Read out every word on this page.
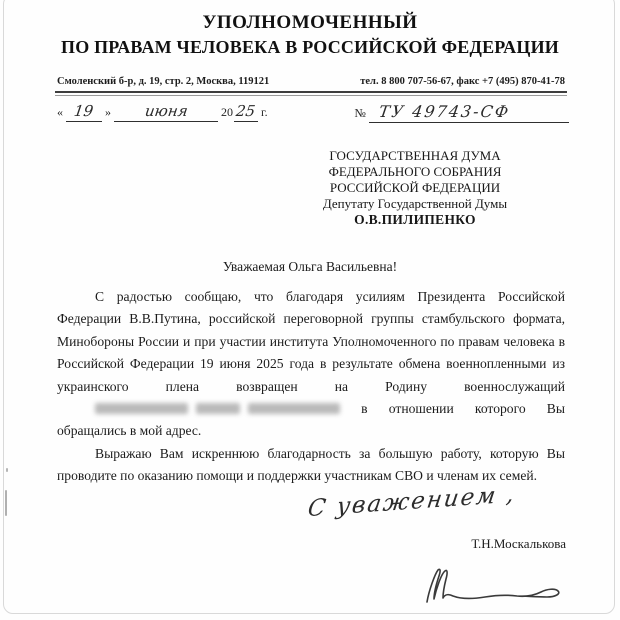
УПОЛНОМОЧЕННЫЙ
ПО ПРАВАМ ЧЕЛОВЕКА В РОССИЙСКОЙ ФЕДЕРАЦИИ
Смоленский б-р, д. 19, стр. 2, Москва, 119121	тел. 8 800 707-56-67, факс +7 (495) 870-41-78
« 19 » июня	20 25 г.	№ ТУ 49743-СФ
ГОСУДАРСТВЕННАЯ ДУМА
ФЕДЕРАЛЬНОГО СОБРАНИЯ
РОССИЙСКОЙ ФЕДЕРАЦИИ
Депутату Государственной Думы
О.В.ПИЛИПЕНКО
Уважаемая Ольга Васильевна!

С радостью сообщаю, что благодаря усилиям Президента Российской Федерации В.В.Путина, российской переговорной группы стамбульского формата, Минобороны России и при участии института Уполномоченного по правам человека в Российской Федерации 19 июня 2025 года в результате обмена военнопленными из украинского плена возвращен на Родину военнослужащий  в отношении которого Вы обращались в мой адрес.

Выражаю Вам искреннюю благодарность за большую работу, которую Вы проводите по оказанию помощи и поддержки участникам СВО и членам их семей.

С уважением ,
Т.Н.Москалькова
